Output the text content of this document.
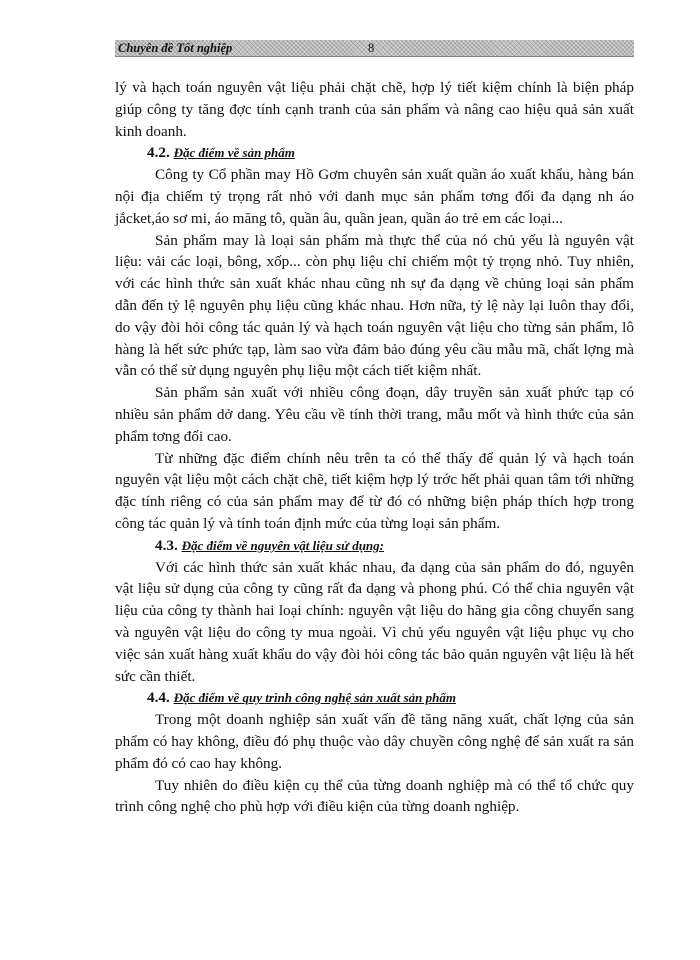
Chuyên đề Tốt nghiệp	8

lý và hạch toán nguyên vật liệu phải chặt chẽ, hợp lý tiết kiệm chính là biện pháp giúp công ty tăng đợc tính cạnh tranh của sản phẩm và nâng cao hiệu quả sản xuất kinh doanh.

4.2. Đặc điểm về sản phẩm

Công ty Cổ phần may Hồ Gơm chuyên sản xuất quần áo xuất khẩu, hàng bán nội địa chiếm tỷ trọng rất nhỏ với danh mục sản phẩm tơng đối đa dạng nh áo jắcket,áo sơ mi, áo măng tô, quần âu, quần jean, quần áo trẻ em các loại...

Sản phẩm may là loại sản phẩm mà thực thể của nó chủ yếu là nguyên vật liệu: vải các loại, bông, xốp... còn phụ liệu chỉ chiếm một tỷ trọng nhỏ. Tuy nhiên, với các hình thức sản xuất khác nhau cũng nh sự đa dạng về chủng loại sản phẩm dẫn đến tỷ lệ nguyên phụ liệu cũng khác nhau. Hơn nữa, tỷ lệ này lại luôn thay đổi, do vậy đòi hỏi công tác quản lý và hạch toán nguyên vật liệu cho từng sản phẩm, lô hàng là hết sức phức tạp, làm sao vừa đảm bảo đúng yêu cầu mẫu mã, chất lợng mà vẫn có thể sử dụng nguyên phụ liệu một cách tiết kiệm nhất.

Sản phẩm sản xuất với nhiều công đoạn, dây truyền sản xuất phức tạp có nhiều sản phẩm dở dang. Yêu cầu về tính thời trang, mẫu mốt và hình thức của sản phẩm tơng đối cao.

Từ những đặc điểm chính nêu trên ta có thể thấy để quản lý và hạch toán nguyên vật liệu một cách chặt chẽ, tiết kiệm hợp lý trớc hết phải quan tâm tới những đặc tính riêng có của sản phẩm may để từ đó có những biện pháp thích hợp trong công tác quản lý và tính toán định mức của từng loại sản phẩm.

4.3. Đặc điểm về nguyên vật liệu sử dụng:

Với các hình thức sản xuất khác nhau, đa dạng của sản phẩm do đó, nguyên vật liệu sử dụng của công ty cũng rất đa dạng và phong phú. Có thể chia nguyên vật liệu của công ty thành hai loại chính: nguyên vật liệu do hãng gia công chuyển sang và nguyên vật liệu do công ty mua ngoài. Vì chủ yếu nguyên vật liệu phục vụ cho việc sản xuất hàng xuất khẩu do vậy đòi hỏi công tác bảo quản nguyên vật liệu là hết sức cần thiết.

4.4. Đặc điểm về quy trình công nghệ sản xuất sản phẩm

Trong một doanh nghiệp sản xuất vấn đề tăng năng xuất, chất lợng của sản phẩm có hay không, điều đó phụ thuộc vào dây chuyền công nghệ để sản xuất ra sản phẩm đó có cao hay không.

Tuy nhiên do điều kiện cụ thể của từng doanh nghiệp mà có thể tổ chức quy trình công nghệ cho phù hợp với điều kiện của từng doanh nghiệp.
